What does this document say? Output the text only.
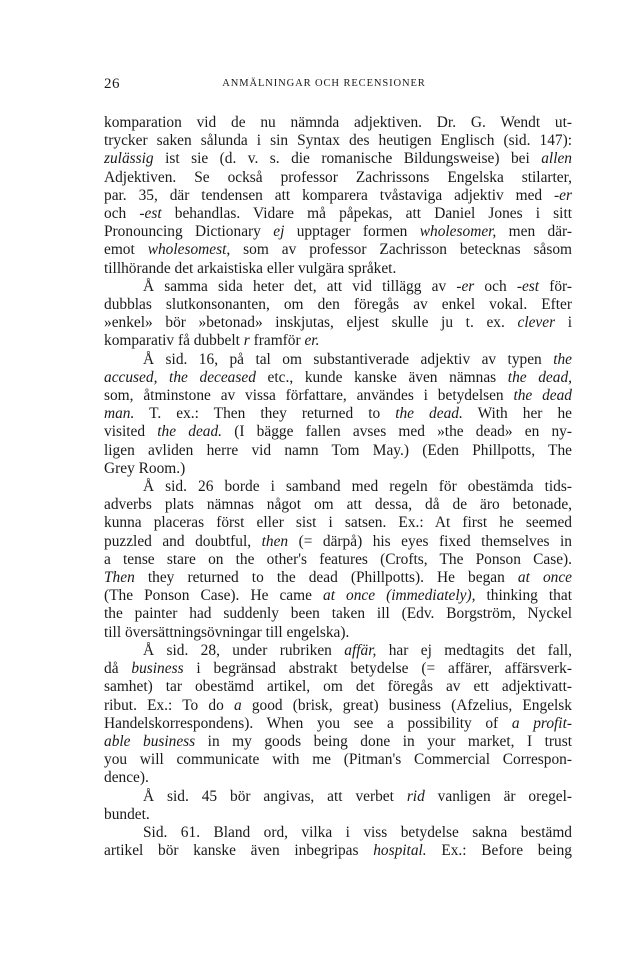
26	ANMÄLNINGAR OCH RECENSIONER

komparation vid de nu nämnda adjektiven. Dr. G. Wendt ut-

trycker saken sålunda i sin Syntax des heutigen Englisch (sid. 147):

zulässig ist sie (d. v. s. die romanische Bildungsweise) bei allen

Adjektiven. Se också professor Zachrissons Engelska stilarter,

par. 35, där tendensen att komparera tvåstaviga adjektiv med -er

och -est behandlas. Vidare må påpekas, att Daniel Jones i sitt

Pronouncing Dictionary ej upptager formen wholesomer, men där-

emot wholesomest, som av professor Zachrisson betecknas såsom

tillhörande det arkaistiska eller vulgära språket.

Å samma sida heter det, att vid tillägg av -er och -est för-

dubblas slutkonsonanten, om den föregås av enkel vokal. Efter

»enkel» bör »betonad» inskjutas, eljest skulle ju t. ex. clever i

komparativ få dubbelt r framför er.

Å sid. 16, på tal om substantiverade adjektiv av typen the

accused, the deceased etc., kunde kanske även nämnas the dead,

som, åtminstone av vissa författare, användes i betydelsen the dead

man. T. ex.: Then they returned to the dead. With her he

visited the dead. (I bägge fallen avses med »the dead» en ny-

ligen avliden herre vid namn Tom May.) (Eden Phillpotts, The

Grey Room.)

Å sid. 26 borde i samband med regeln för obestämda tids-

adverbs plats nämnas något om att dessa, då de äro betonade,

kunna placeras först eller sist i satsen. Ex.: At first he seemed

puzzled and doubtful, then (= därpå) his eyes fixed themselves in

a tense stare on the other's features (Crofts, The Ponson Case).

Then they returned to the dead (Phillpotts). He began at once

(The Ponson Case). He came at once (immediately), thinking that

the painter had suddenly been taken ill (Edv. Borgström, Nyckel

till översättningsövningar till engelska).

Å sid. 28, under rubriken affär, har ej medtagits det fall,

då business i begränsad abstrakt betydelse (= affärer, affärsverk-

samhet) tar obestämd artikel, om det föregås av ett adjektivatt-

ribut. Ex.: To do a good (brisk, great) business (Afzelius, Engelsk

Handelskorrespondens). When you see a possibility of a profit-

able business in my goods being done in your market, I trust

you will communicate with me (Pitman's Commercial Correspon-

dence).

Å sid. 45 bör angivas, att verbet rid vanligen är oregel-

bundet.

Sid. 61. Bland ord, vilka i viss betydelse sakna bestämd

artikel bör kanske även inbegripas hospital. Ex.: Before being
